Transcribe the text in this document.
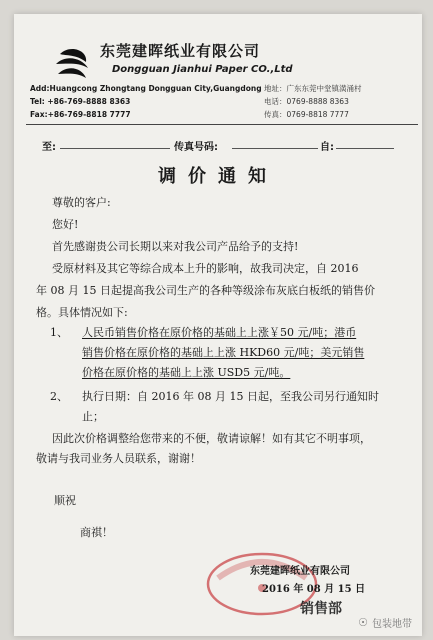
东莞建晖纸业有限公司
Dongguan Jianhui Paper CO.,Ltd
Add:Huangcong Zhongtang Dongguan City,Guangdong
Tel: +86-769-8888 8363
Fax:+86-769-8818 7777
地址：广东东莞中堂镇潢涌村
电话：0769-8888 8363
传真：0769-8818 7777
至:	传真号码:	自:
调价通知
尊敬的客户:
您好!
首先感谢贵公司长期以来对我公司产品给予的支持!
受原材料及其它等综合成本上升的影响，故我司决定，自 2016
年 08 月 15 日起提高我公司生产的各种等级涂布灰底白板纸的销售价
格。具体情况如下:
1、 人民币销售价格在原价格的基础上上涨￥50 元/吨；港币
销售价格在原价格的基础上上涨 HKD60 元/吨；美元销售
价格在原价格的基础上上涨 USD5 元/吨。
2、 执行日期：自 2016 年 08 月 15 日起，至我公司另行通知时
止；
因此次价格调整给您带来的不便，敬请谅解！如有其它不明事项，
敬请与我司业务人员联系，谢谢！
顺祝
商祺！
东莞建晖纸业有限公司
2016 年 08 月 15 日
销售部
☉ 包装地带
